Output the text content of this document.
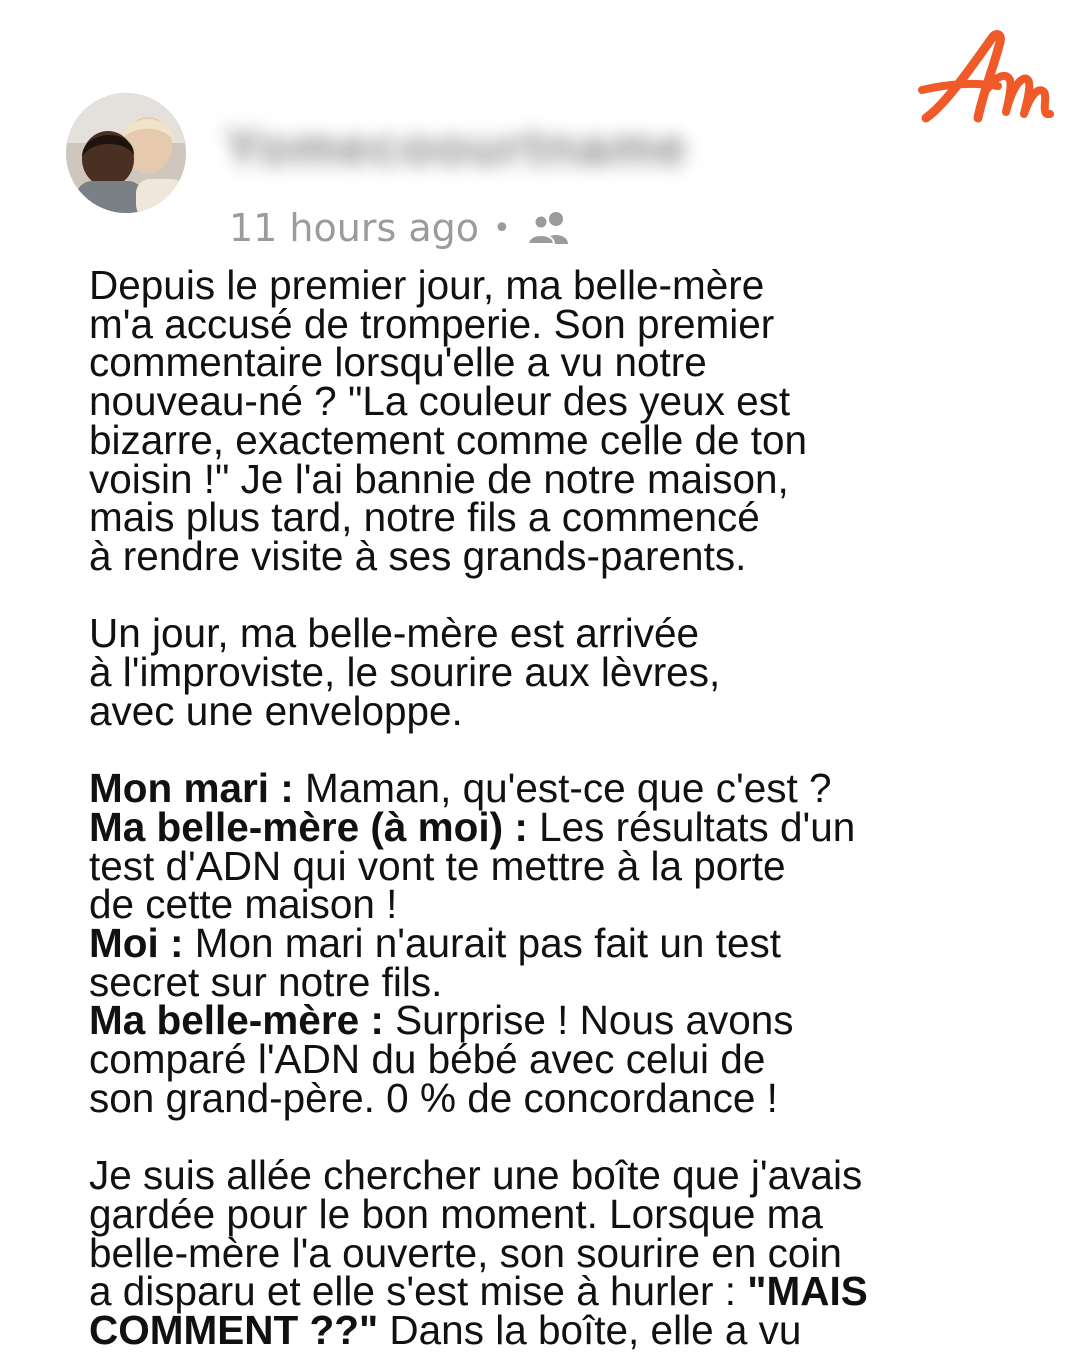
Yomecoourtname
11 hours ago •

Depuis le premier jour, ma belle-mère
m'a accusé de tromperie. Son premier
commentaire lorsqu'elle a vu notre
nouveau-né ? "La couleur des yeux est
bizarre, exactement comme celle de ton
voisin !" Je l'ai bannie de notre maison,
mais plus tard, notre fils a commencé
à rendre visite à ses grands-parents.

Un jour, ma belle-mère est arrivée
à l'improviste, le sourire aux lèvres,
avec une enveloppe.

Mon mari : Maman, qu'est-ce que c'est ?
Ma belle-mère (à moi) : Les résultats d'un
test d'ADN qui vont te mettre à la porte
de cette maison !
Moi : Mon mari n'aurait pas fait un test
secret sur notre fils.
Ma belle-mère : Surprise ! Nous avons
comparé l'ADN du bébé avec celui de
son grand-père. 0 % de concordance !

Je suis allée chercher une boîte que j'avais
gardée pour le bon moment. Lorsque ma
belle-mère l'a ouverte, son sourire en coin
a disparu et elle s'est mise à hurler : "MAIS
COMMENT ??" Dans la boîte, elle a vu
